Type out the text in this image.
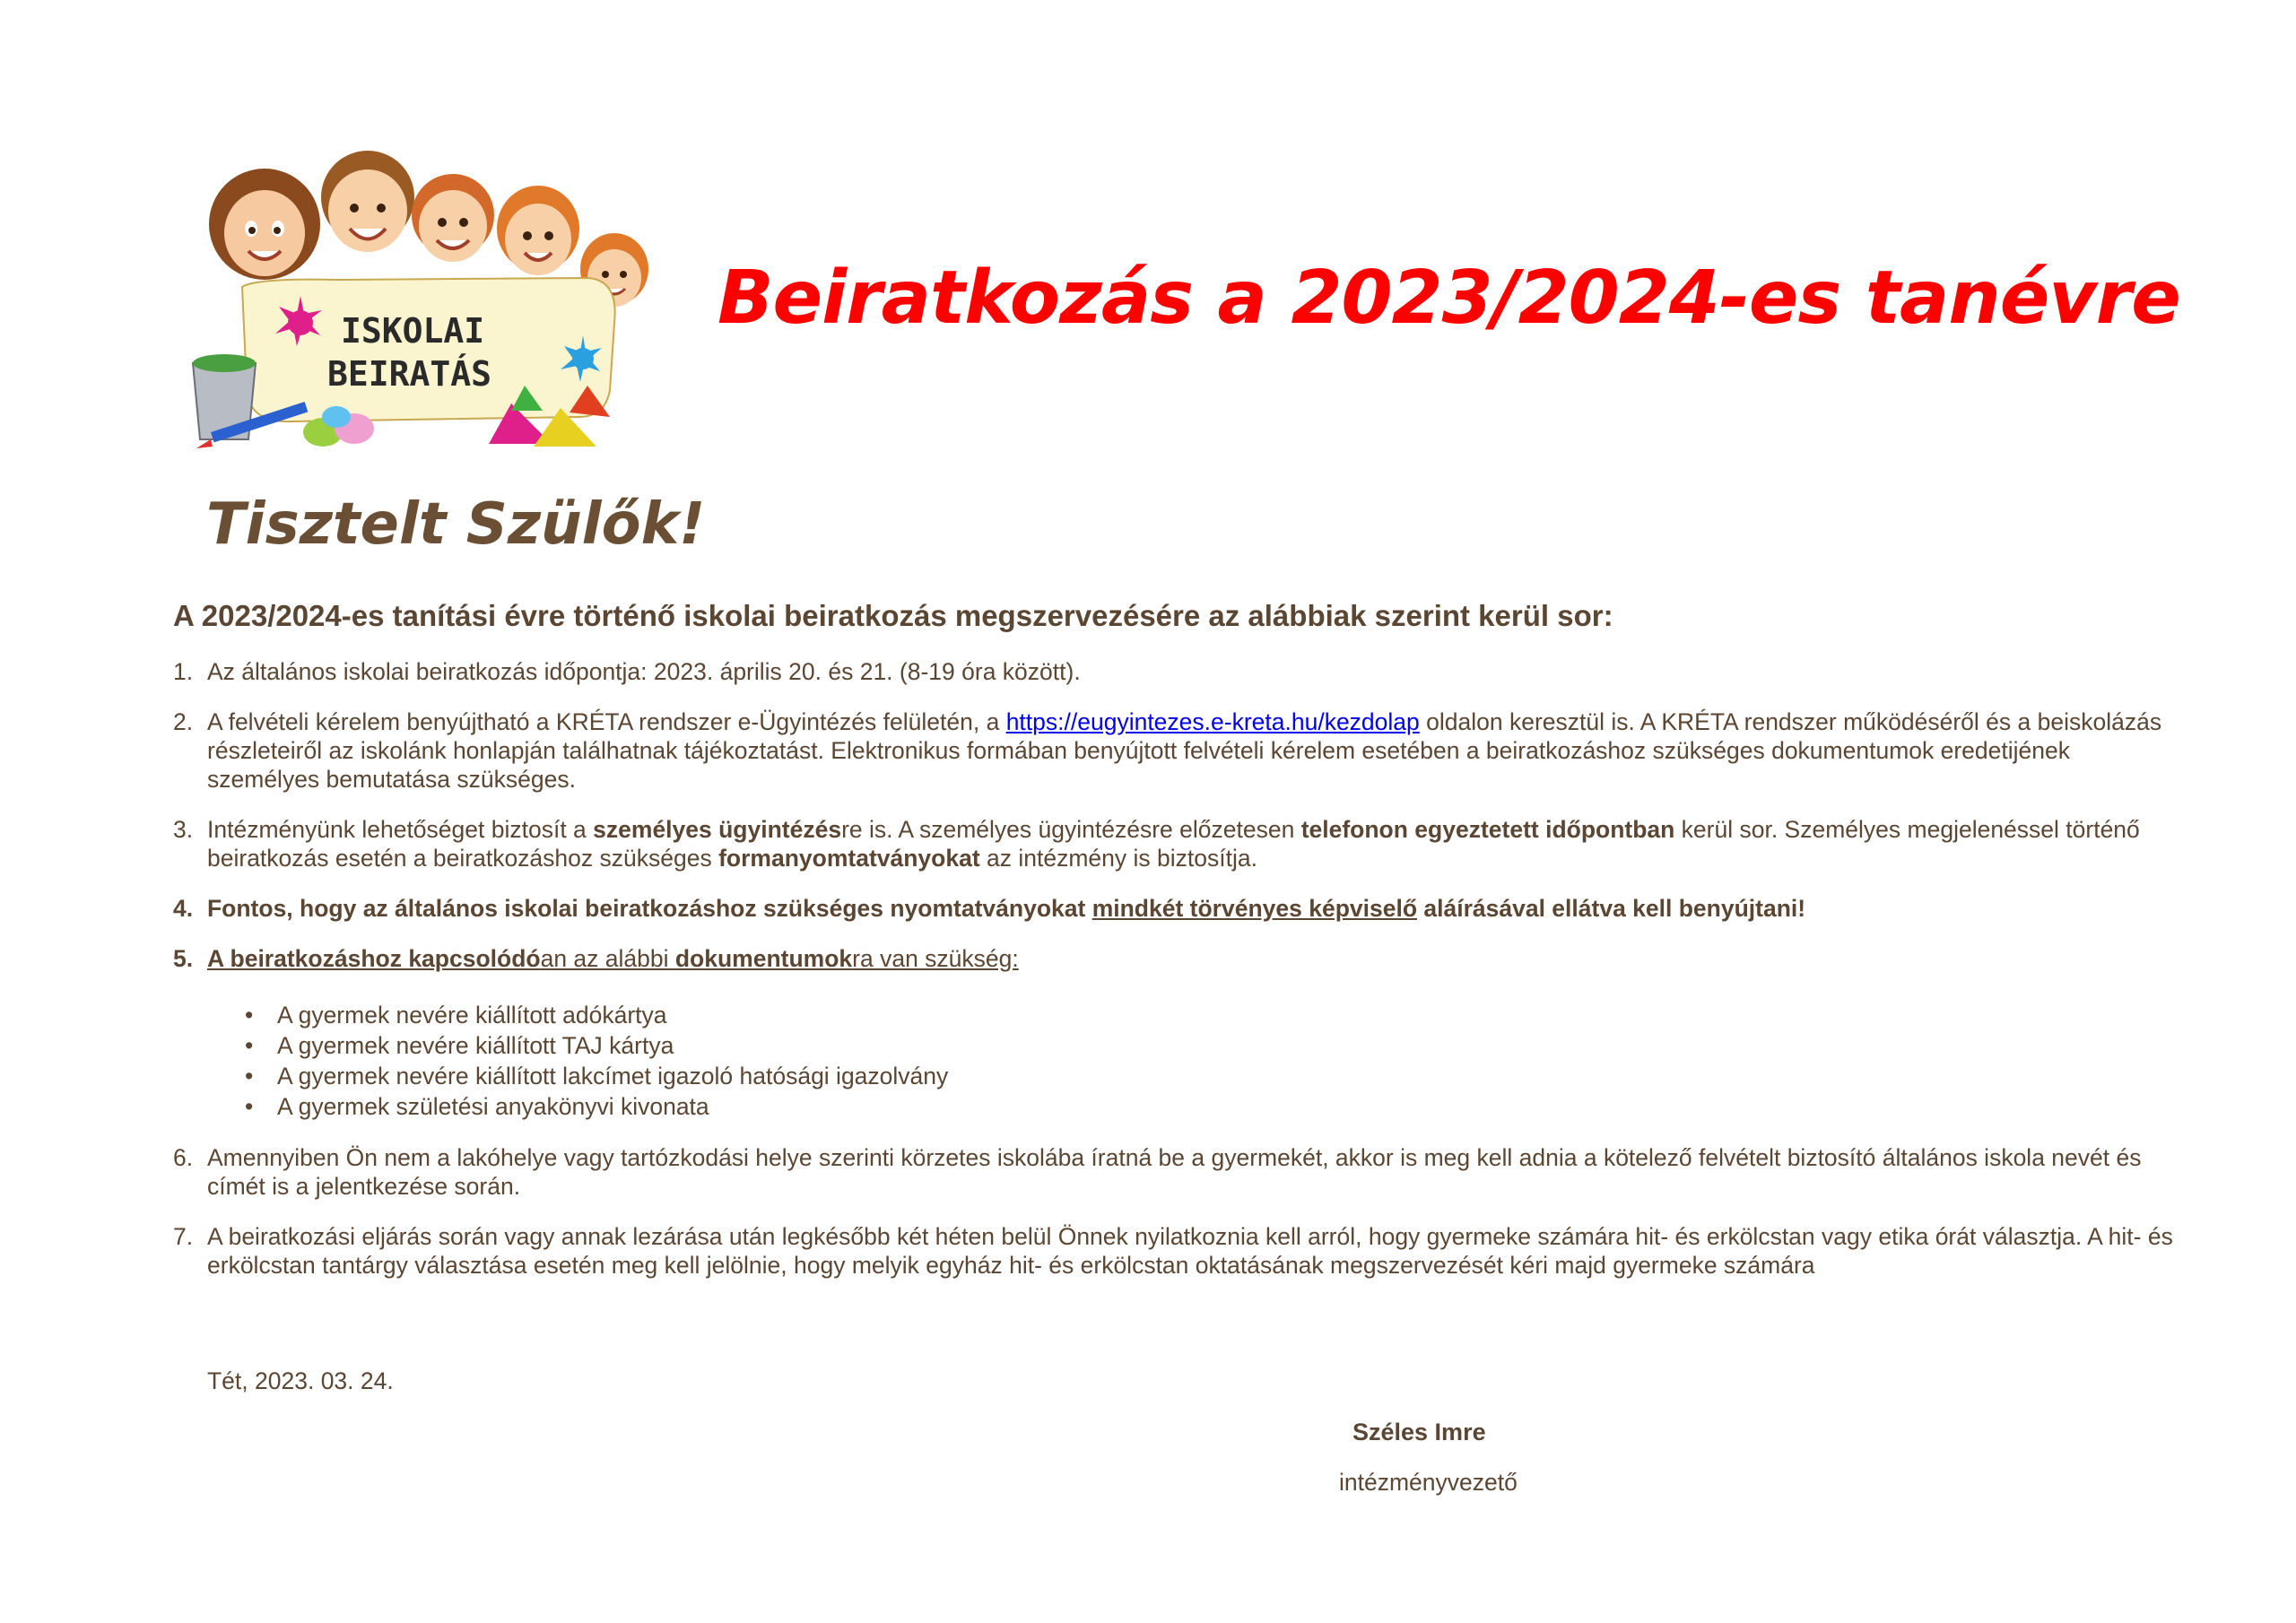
ISKOLAI
BEIRATÁS
Beiratkozás a 2023/2024-es tanévre
Tisztelt Szülők!
A 2023/2024-es tanítási évre történő iskolai beiratkozás megszervezésére az alábbiak szerint kerül sor:
1. Az általános iskolai beiratkozás időpontja: 2023. április 20. és 21. (8-19 óra között).
2. A felvételi kérelem benyújtható a KRÉTA rendszer e-Ügyintézés felületén, a https://eugyintezes.e-kreta.hu/kezdolap oldalon keresztül is. A KRÉTA rendszer működéséről és a beiskolázás részleteiről az iskolánk honlapján találhatnak tájékoztatást. Elektronikus formában benyújtott felvételi kérelem esetében a beiratkozáshoz szükséges dokumentumok eredetijének személyes bemutatása szükséges.
3. Intézményünk lehetőséget biztosít a személyes ügyintézésre is. A személyes ügyintézésre előzetesen telefonon egyeztetett időpontban kerül sor. Személyes megjelenéssel történő beiratkozás esetén a beiratkozáshoz szükséges formanyomtatványokat az intézmény is biztosítja.
4. Fontos, hogy az általános iskolai beiratkozáshoz szükséges nyomtatványokat mindkét törvényes képviselő aláírásával ellátva kell benyújtani!
5. A beiratkozáshoz kapcsolódóan az alábbi dokumentumokra van szükség:
• A gyermek nevére kiállított adókártya
• A gyermek nevére kiállított TAJ kártya
• A gyermek nevére kiállított lakcímet igazoló hatósági igazolvány
• A gyermek születési anyakönyvi kivonata
6. Amennyiben Ön nem a lakóhelye vagy tartózkodási helye szerinti körzetes iskolába íratná be a gyermekét, akkor is meg kell adnia a kötelező felvételt biztosító általános iskola nevét és címét is a jelentkezése során.
7. A beiratkozási eljárás során vagy annak lezárása után legkésőbb két héten belül Önnek nyilatkoznia kell arról, hogy gyermeke számára hit- és erkölcstan vagy etika órát választja. A hit- és erkölcstan tantárgy választása esetén meg kell jelölnie, hogy melyik egyház hit- és erkölcstan oktatásának megszervezését kéri majd gyermeke számára
Tét, 2023. 03. 24.
Széles Imre
intézményvezető
